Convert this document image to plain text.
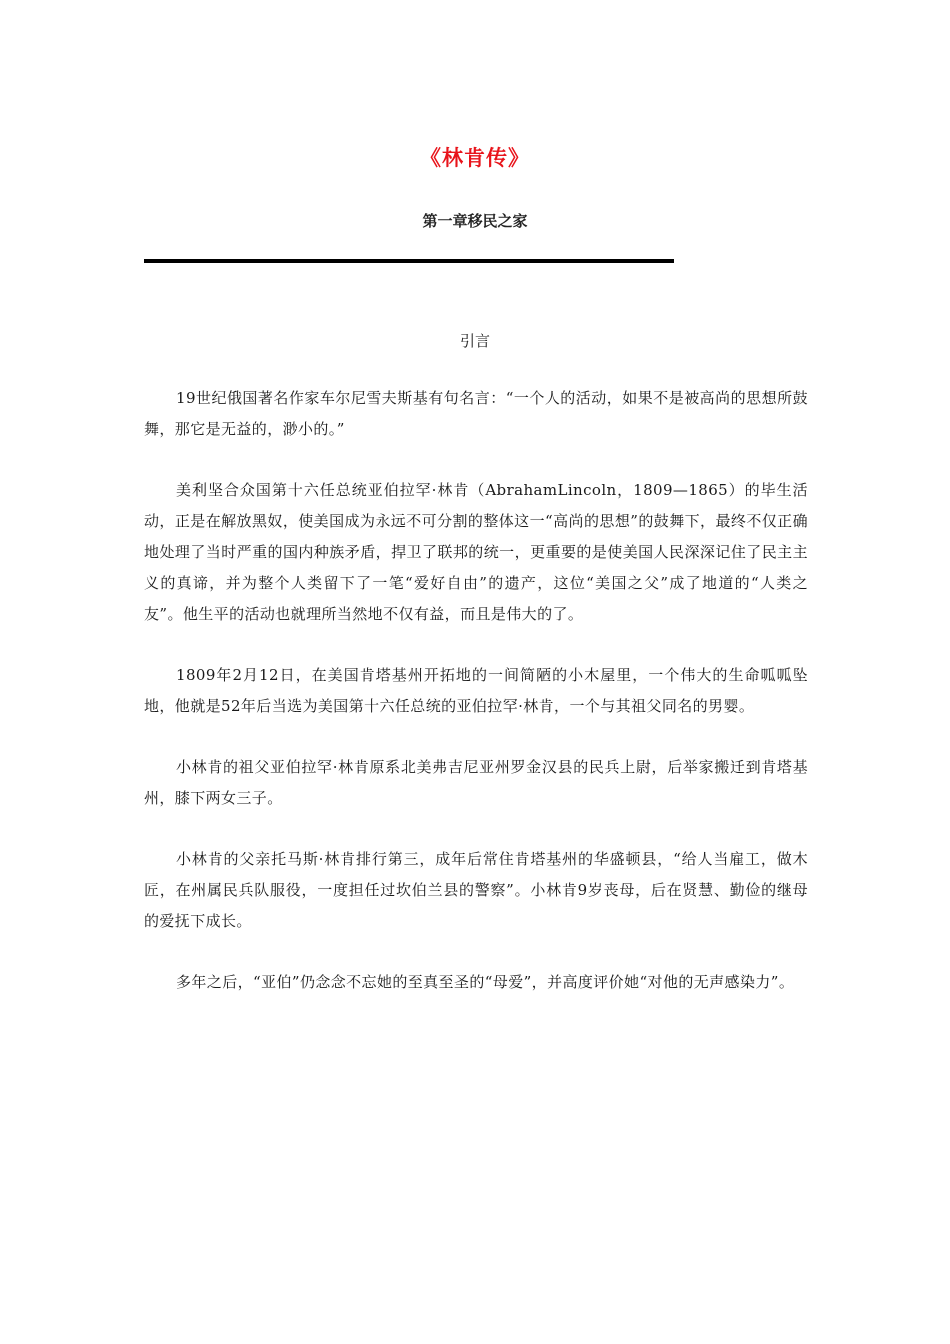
《林肯传》
第一章移民之家
引言

19世纪俄国著名作家车尔尼雪夫斯基有句名言：“一个人的活动，如果不是被高尚的思想所鼓舞，那它是无益的，渺小的。”

美利坚合众国第十六任总统亚伯拉罕·林肯（AbrahamLincoln，1809—1865）的毕生活动，正是在解放黑奴，使美国成为永远不可分割的整体这一“高尚的思想”的鼓舞下，最终不仅正确地处理了当时严重的国内种族矛盾，捍卫了联邦的统一，更重要的是使美国人民深深记住了民主主义的真谛，并为整个人类留下了一笔“爱好自由”的遗产，这位“美国之父”成了地道的“人类之友”。他生平的活动也就理所当然地不仅有益，而且是伟大的了。

1809年2月12日，在美国肯塔基州开拓地的一间简陋的小木屋里，一个伟大的生命呱呱坠地，他就是52年后当选为美国第十六任总统的亚伯拉罕·林肯，一个与其祖父同名的男婴。

小林肯的祖父亚伯拉罕·林肯原系北美弗吉尼亚州罗金汉县的民兵上尉，后举家搬迁到肯塔基州，膝下两女三子。

小林肯的父亲托马斯·林肯排行第三，成年后常住肯塔基州的华盛顿县，“给人当雇工，做木匠，在州属民兵队服役，一度担任过坎伯兰县的警察”。小林肯9岁丧母，后在贤慧、勤俭的继母的爱抚下成长。

多年之后，“亚伯”仍念念不忘她的至真至圣的“母爱”，并高度评价她“对他的无声感染力”。
